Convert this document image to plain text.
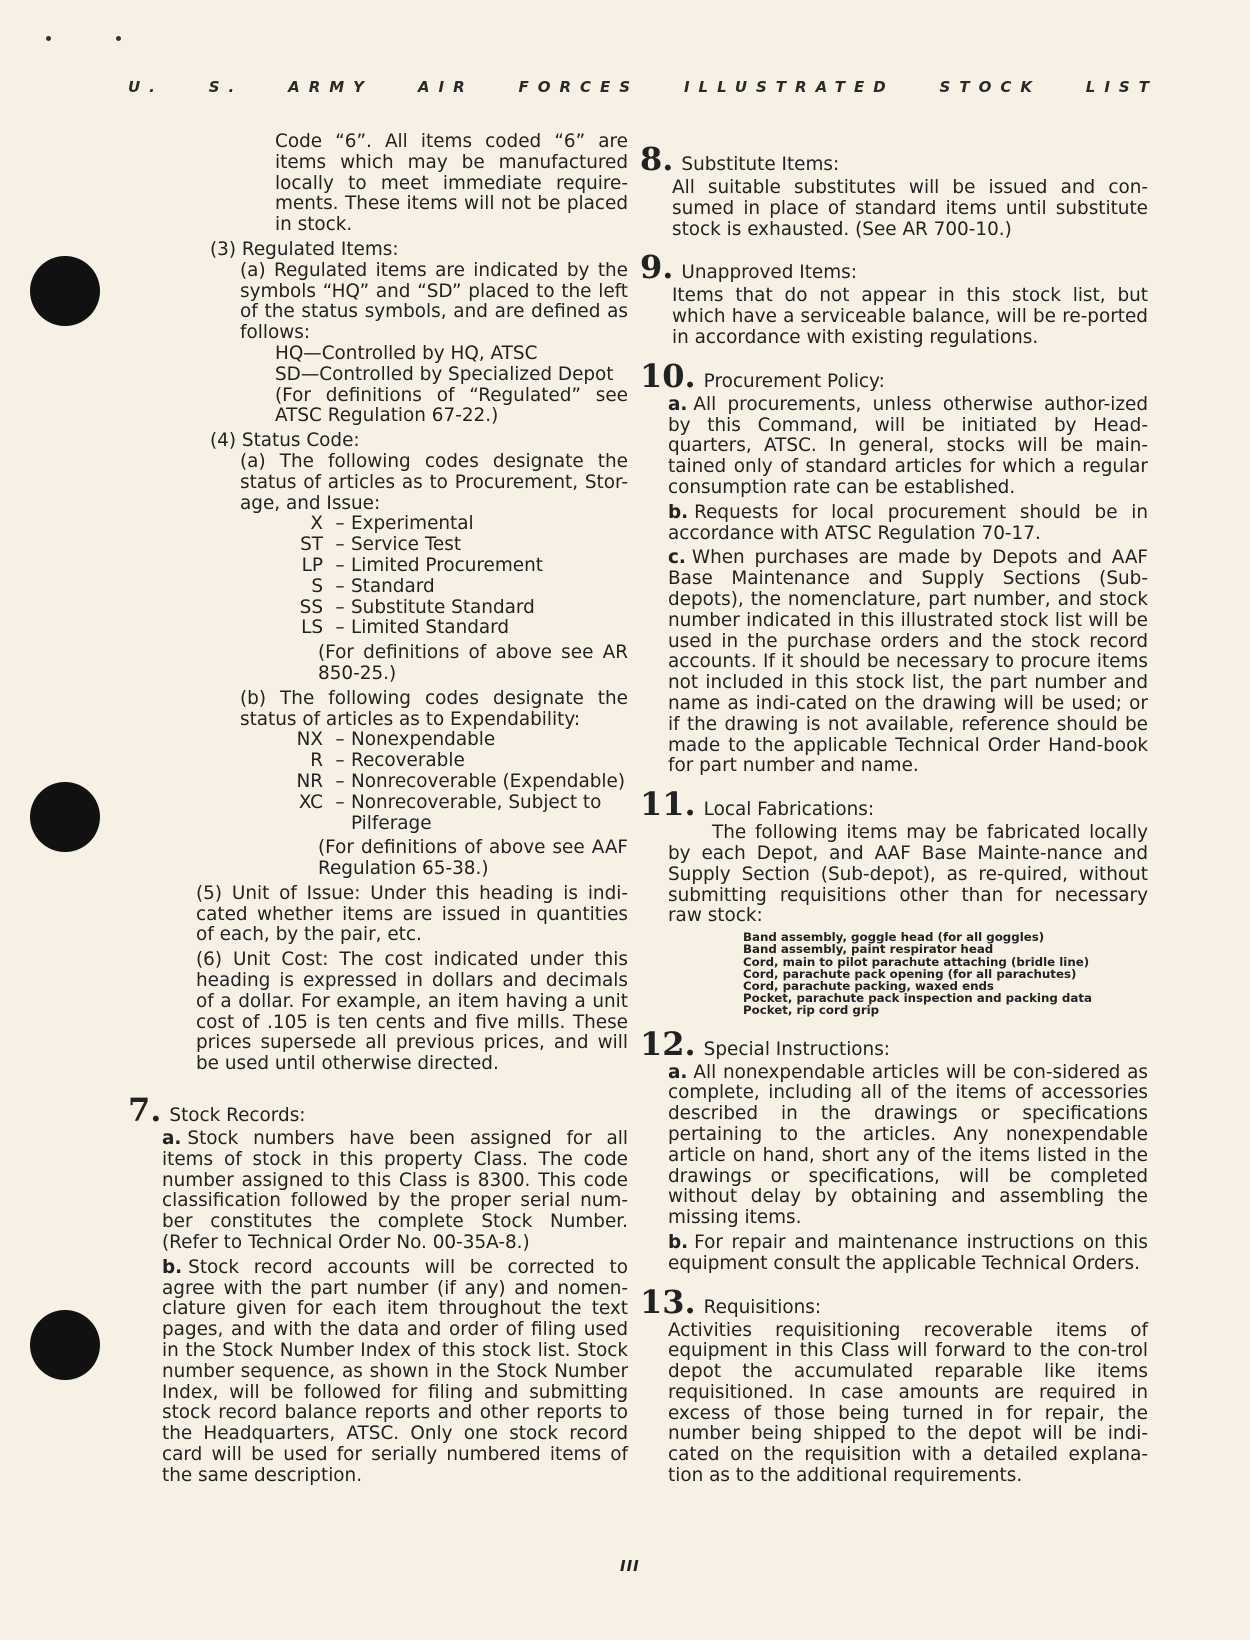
U.	S.	ARMY	AIR	FORCES	ILLUSTRATED	STOCK	LIST

Code “6”. All items coded “6” are items which may be manufactured locally to meet immediate require-ments. These items will not be placed in stock.

(3) Regulated Items:

(a) Regulated items are indicated by the symbols “HQ” and “SD” placed to the left of the status symbols, and are defined as follows:

HQ—Controlled by HQ, ATSC

SD—Controlled by Specialized Depot

(For definitions of “Regulated” see ATSC Regulation 67-22.)

(4) Status Code:

(a) The following codes designate the status of articles as to Procurement, Stor-age, and Issue:

X – Experimental
ST – Service Test
LP – Limited Procurement
S – Standard
SS – Substitute Standard
LS – Limited Standard

(For definitions of above see AR 850-25.)

(b) The following codes designate the status of articles as to Expendability:

NX – Nonexpendable
R – Recoverable
NR – Nonrecoverable (Expendable)
XC – Nonrecoverable, Subject to Pilferage

(For definitions of above see AAF Regulation 65-38.)

(5) Unit of Issue: Under this heading is indi-cated whether items are issued in quantities of each, by the pair, etc.

(6) Unit Cost: The cost indicated under this heading is expressed in dollars and decimals of a dollar. For example, an item having a unit cost of .105 is ten cents and five mills. These prices supersede all previous prices, and will be used until otherwise directed.

7. Stock Records:

a. Stock numbers have been assigned for all items of stock in this property Class. The code number assigned to this Class is 8300. This code classification followed by the proper serial num-ber constitutes the complete Stock Number. (Refer to Technical Order No. 00-35A-8.)

b. Stock record accounts will be corrected to agree with the part number (if any) and nomen-clature given for each item throughout the text pages, and with the data and order of filing used in the Stock Number Index of this stock list. Stock number sequence, as shown in the Stock Number Index, will be followed for filing and submitting stock record balance reports and other reports to the Headquarters, ATSC. Only one stock record card will be used for serially numbered items of the same description.

8. Substitute Items:

All suitable substitutes will be issued and con-sumed in place of standard items until substitute stock is exhausted. (See AR 700-10.)

9. Unapproved Items:

Items that do not appear in this stock list, but which have a serviceable balance, will be re-ported in accordance with existing regulations.

10. Procurement Policy:

a. All procurements, unless otherwise author-ized by this Command, will be initiated by Head-quarters, ATSC. In general, stocks will be main-tained only of standard articles for which a regular consumption rate can be established.

b. Requests for local procurement should be in accordance with ATSC Regulation 70-17.

c. When purchases are made by Depots and AAF Base Maintenance and Supply Sections (Sub-depots), the nomenclature, part number, and stock number indicated in this illustrated stock list will be used in the purchase orders and the stock record accounts. If it should be necessary to procure items not included in this stock list, the part number and name as indi-cated on the drawing will be used; or if the drawing is not available, reference should be made to the applicable Technical Order Hand-book for part number and name.

11. Local Fabrications:

The following items may be fabricated locally by each Depot, and AAF Base Mainte-nance and Supply Section (Sub-depot), as re-quired, without submitting requisitions other than for necessary raw stock:

Band assembly, goggle head (for all goggles)
Band assembly, paint respirator head
Cord, main to pilot parachute attaching (bridle line)
Cord, parachute pack opening (for all parachutes)
Cord, parachute packing, waxed ends
Pocket, parachute pack inspection and packing data
Pocket, rip cord grip
12. Special Instructions:

a. All nonexpendable articles will be con-sidered as complete, including all of the items of accessories described in the drawings or specifications pertaining to the articles. Any nonexpendable article on hand, short any of the items listed in the drawings or specifications, will be completed without delay by obtaining and assembling the missing items.

b. For repair and maintenance instructions on this equipment consult the applicable Technical Orders.

13. Requisitions:

Activities requisitioning recoverable items of equipment in this Class will forward to the con-trol depot the accumulated reparable like items requisitioned. In case amounts are required in excess of those being turned in for repair, the number being shipped to the depot will be indi-cated on the requisition with a detailed explana-tion as to the additional requirements.

III
